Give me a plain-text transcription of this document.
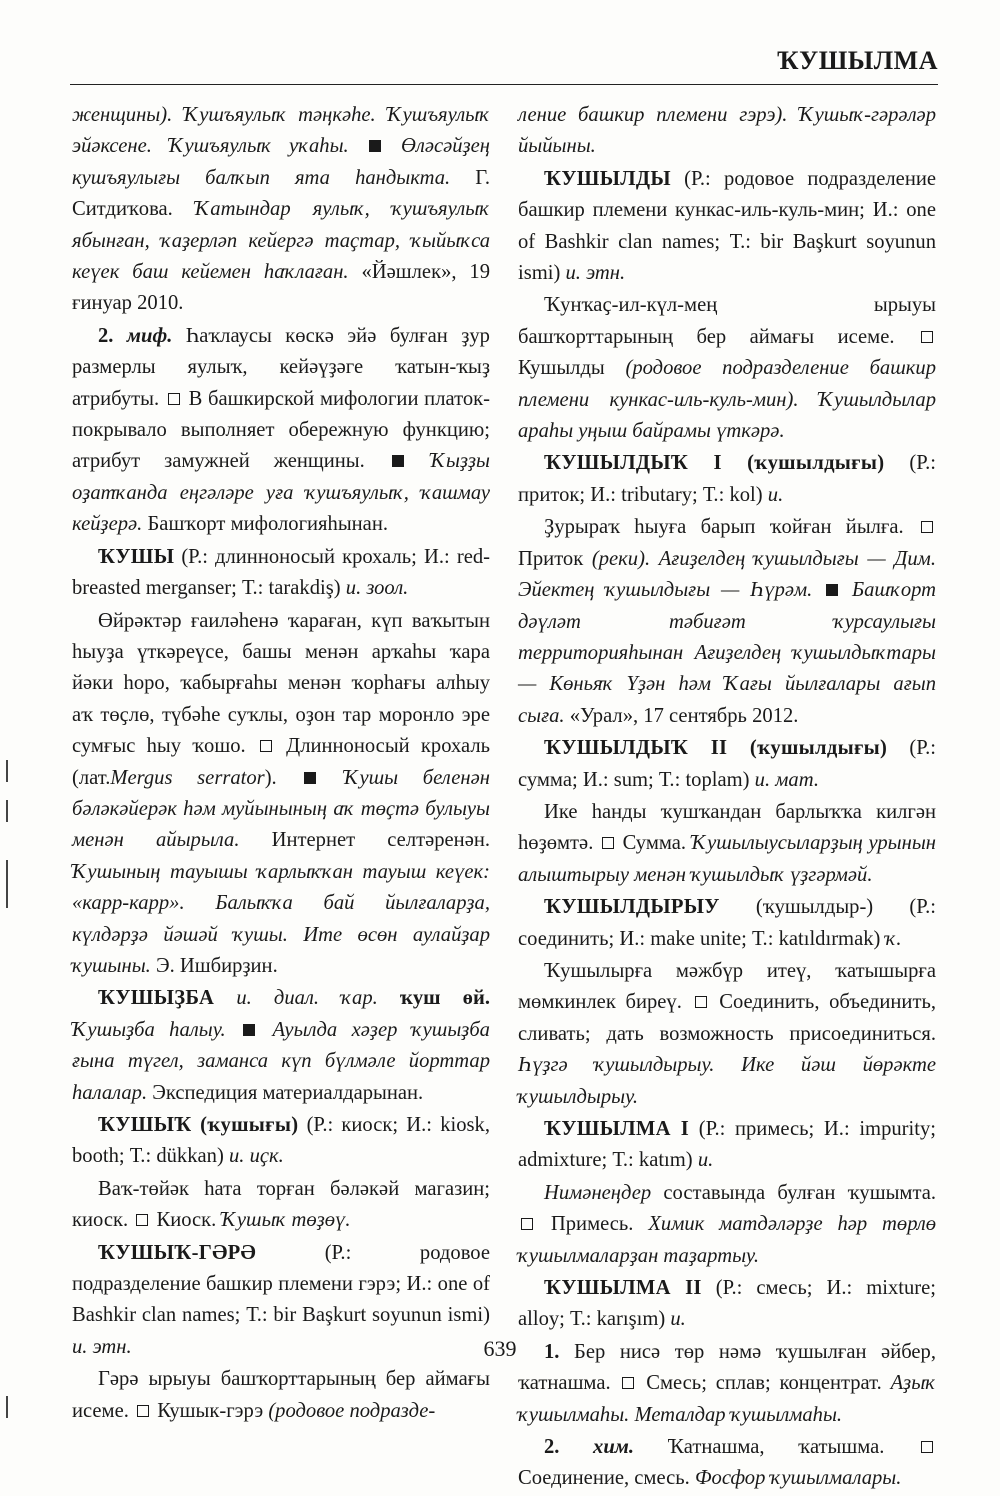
ҠУШЫЛМА

женщины). Ҡушъяулыҡ тәңкәһе. Ҡушъяулыҡ эйәксене. Ҡушъяулыҡ уҡаһы.	Өләсәйҙең кушъяулығы балҡып ята һандыкта. Г. Ситдиҡова. Ҡатындар яулыҡ, ҡушъяулыҡ ябынған, ҡаҙерләп кейергә таҫтар, ҡыйыҡса кеүек баш кейемен һаҡлаған. «Йәшлек», 19 ғинуар 2010.

2. миф. Һаҡлаусы көскә эйә булған ҙур размерлы яулыҡ, кейәүҙәге ҡатын-ҡыҙ атрибуты. В башкирской мифологии платок-покрывало выполняет обережную функцию; атрибут замужней женщины.	Ҡыҙҙы оҙатҡанда еңгәләре уға ҡушъяулыҡ, ҡашмау кейҙерә. Башҡорт мифологияһынан.

ҠУШЫ (Р.: длинноносый крохаль; И.: red-breasted merganser; Т.: tarakdiş) и. зоол.

Өйрәктәр ғаиләһенә ҡараған, күп ваҡытын һыуҙа үткәреүсе, башы менән арҡаһы ҡара йәки һоро, ҡабырғаһы менән ҡорһағы алһыу аҡ төҫлө, түбәһе суҡлы, оҙон тар моронло эре сумғыс һыу ҡошо. Длинноносый крохаль (лат.Mergus serrator).	Ҡушы беленән бәләкәйерәк һәм муйынының аҡ төҫтә булыуы менән айырыла. Интернет селтәренән. Ҡушының тауышы ҡарлыҡҡан тауыш кеүек: «карр-карр». Балыҡҡа бай йылғаларҙа, күлдәрҙә йәшәй ҡушы. Ите өсөн аулайҙар ҡушыны. Э. Ишбирҙин.

ҠУШЫҘБА и. диал. ҡар. ҡуш өй. Ҡушыҙба һалыу. Ауылда хәҙер ҡушыҙба ғына түгел, заманса күп бүлмәле йорттар һалалар. Экспедиция материалдарынан.

ҠУШЫҠ (ҡушығы) (Р.: киоск; И.: kiosk, booth; Т.: dükkan) и. иҫк.

Ваҡ-төйәк һата торған бәләкәй магазин; киоск. Киоск. Ҡушыҡ төҙөү.

ҠУШЫҠ-ГӘРӘ	(Р.: родовое подразделение башкир племени гэрэ; И.: one of Bashkir clan names; Т.: bir Başkurt soyunun ismi) и. этн.

Гәрә ырыуы башҡорттарының бер аймағы исеме. Кушык-гэрэ (родовое подразде-

ление башкир племени гэрэ). Ҡушыҡ-гәрәләр йыйыны.

ҠУШЫЛДЫ (Р.: родовое подразделение башкир племени кункас-иль-куль-мин; И.: one of Bashkir clan names; Т.: bir Başkurt soyunun ismi) и. этн.

Ҡунҡаҫ-ил-күл-мең ырыуы башҡорттарының бер аймағы исеме.  Кушылды (родовое подразделение башкир племени кункас-иль-куль-мин). Ҡушылдылар араһы уңыш байрамы үткәрә.

ҠУШЫЛДЫҠ I (ҡушылдығы) (Р.: приток; И.: tributary; Т.: kol) и.

Ҙурыраҡ һыуға барып ҡойған йылға.  Приток (реки). Ағиҙелдең ҡушылдығы — Дим. Эйектең ҡушылдығы — Һүрәм. Башҡорт дәүләт тәбиғәт ҡурсаулығы территорияһынан Ағиҙелдең ҡушылдыҡтары — Көньяҡ Үҙән һәм Ҡағы йылғалары ағып сыға. «Урал», 17 сентябрь 2012.

ҠУШЫЛДЫҠ II (ҡушылдығы) (Р.: сумма; И.: sum; Т.: toplam) и. мат.

Ике һанды ҡушҡандан барлыҡҡа килгән һөҙөмтә. Сумма. Ҡушылыусыларҙың урынын алыштырыу менән ҡушылдыҡ үҙгәрмәй.

ҠУШЫЛДЫРЫУ (ҡушылдыр-) (Р.: соединить; И.: make unite; Т.: katıldırmak) ҡ.

Ҡушылырға мәжбүр итеү, ҡатышырға мөмкинлек биреү. Соединить, объединить, сливать; дать возможность присоединиться. Һүҙгә ҡушылдырыу. Ике йәш йөрәкте ҡушылдырыу.

ҠУШЫЛМА I (Р.: примесь; И.: impurity; admixture; Т.: katım) и.

Нимәнеңдер составында булған ҡушымта.  Примесь. Химик матдәләрҙе һәр төрлө ҡушылмаларҙан таҙартыу.

ҠУШЫЛМА II (Р.: смесь; И.: mixture; alloy; Т.: karışım) и.

1. Бер нисә төр нәмә ҡушылған әйбер, ҡатнашма. Смесь; сплав; концентрат. Аҙыҡ ҡушылмаһы. Металдар ҡушылмаһы.

2. хим. Ҡатнашма, ҡатышма.  Соединение, смесь. Фосфор ҡушылмалары.

639
